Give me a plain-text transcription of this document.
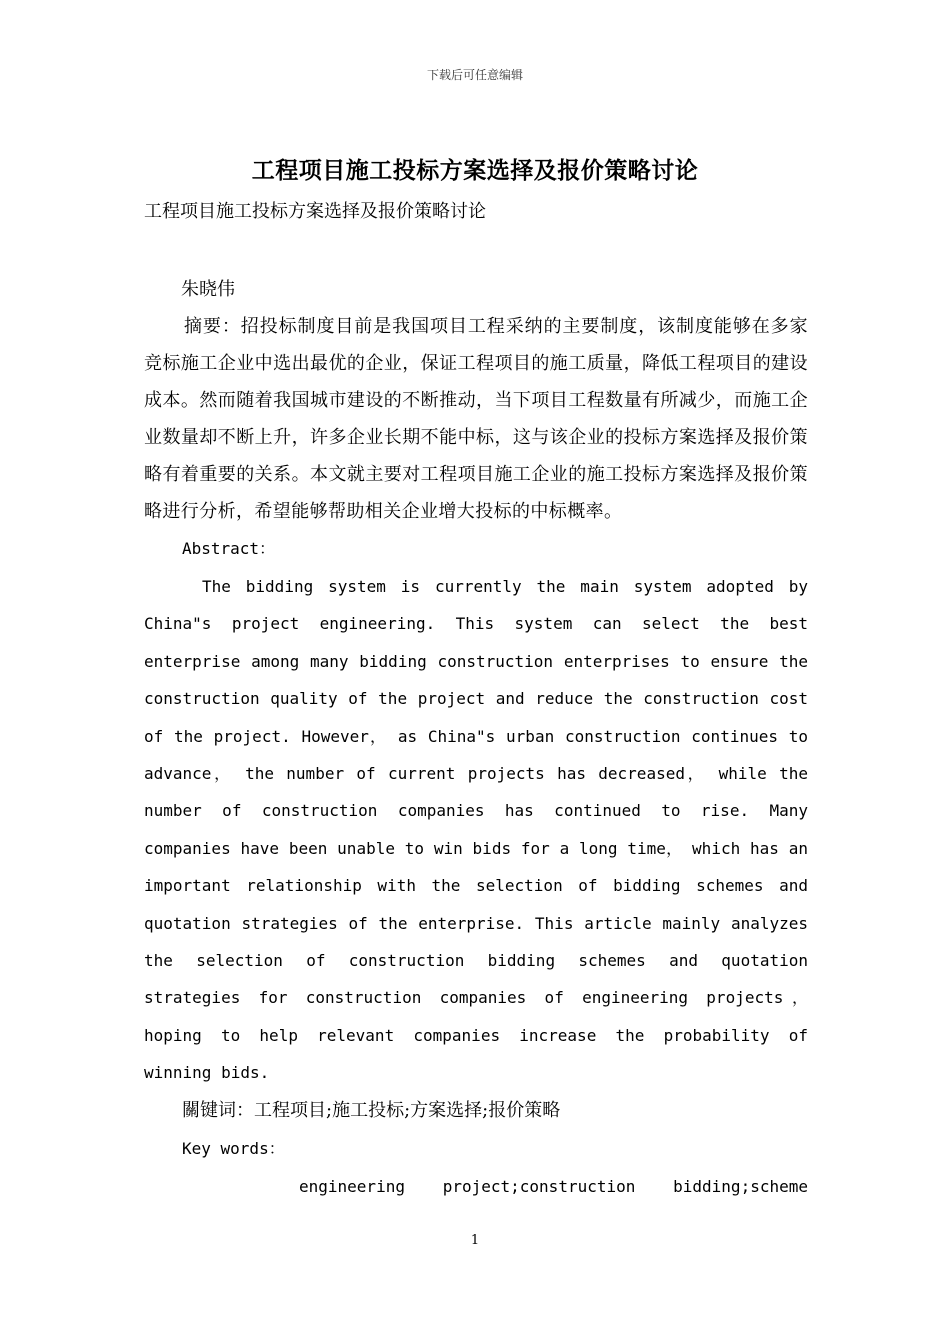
下载后可任意编辑
工程项目施工投标方案选择及报价策略讨论
工程项目施工投标方案选择及报价策略讨论
朱晓伟
摘要：招投标制度目前是我国项目工程采纳的主要制度，该制度能够在多家竞标施工企业中选出最优的企业，保证工程项目的施工质量，降低工程项目的建设成本。然而随着我国城市建设的不断推动，当下项目工程数量有所减少，而施工企业数量却不断上升，许多企业长期不能中标，这与该企业的投标方案选择及报价策略有着重要的关系。本文就主要对工程项目施工企业的施工投标方案选择及报价策略进行分析，希望能够帮助相关企业增大投标的中标概率。
Abstract：
The bidding system is currently the main system adopted by China"s project engineering. This system can select the best enterprise among many bidding construction enterprises to ensure the construction quality of the project and reduce the construction cost of the project. However， as China"s urban construction continues to advance， the number of current projects has decreased， while the number of construction companies has continued to rise. Many companies have been unable to win bids for a long time， which has an important relationship with the selection of bidding schemes and quotation strategies of the enterprise. This article mainly analyzes the selection of construction bidding schemes and quotation strategies for construction companies of engineering projects， hoping to help relevant companies increase the probability of winning bids.
關键词：工程项目;施工投标;方案选择;报价策略
Key words：
engineering project;construction bidding;scheme
1
